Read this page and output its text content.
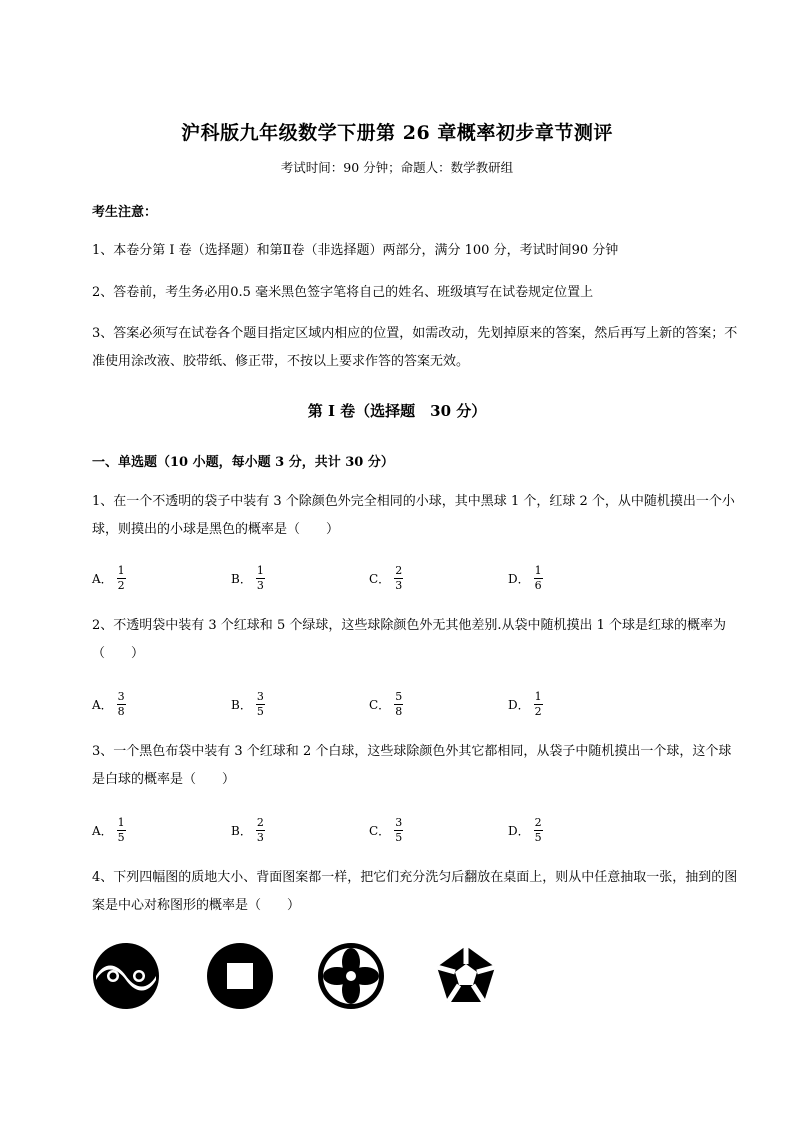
沪科版九年级数学下册第 26 章概率初步章节测评
考试时间：90 分钟；命题人：数学教研组
考生注意：
1、本卷分第 I 卷（选择题）和第Ⅱ卷（非选择题）两部分，满分 100 分，考试时间90 分钟
2、答卷前，考生务必用0.5 毫米黑色签字笔将自己的姓名、班级填写在试卷规定位置上
3、答案必须写在试卷各个题目指定区域内相应的位置，如需改动，先划掉原来的答案，然后再写上新的答案；不准使用涂改液、胶带纸、修正带，不按以上要求作答的答案无效。
第 I 卷（选择题　30 分）
一、单选题（10 小题，每小题 3 分，共计 30 分）
1、在一个不透明的袋子中装有 3 个除颜色外完全相同的小球，其中黑球 1 个，红球 2 个，从中随机摸出一个小球，则摸出的小球是黑色的概率是（　　）
A． $\frac{1}{2}$	B． $\frac{1}{3}$	C． $\frac{2}{3}$	D． $\frac{1}{6}$
2、不透明袋中装有 3 个红球和 5 个绿球，这些球除颜色外无其他差别.从袋中随机摸出 1 个球是红球的概率为（　　）
A． $\frac{3}{8}$	B． $\frac{3}{5}$	C． $\frac{5}{8}$	D． $\frac{1}{2}$
3、一个黑色布袋中装有 3 个红球和 2 个白球，这些球除颜色外其它都相同，从袋子中随机摸出一个球，这个球是白球的概率是（　　）
A． $\frac{1}{5}$	B． $\frac{2}{3}$	C． $\frac{3}{5}$	D． $\frac{2}{5}$
4、下列四幅图的质地大小、背面图案都一样，把它们充分洗匀后翻放在桌面上，则从中任意抽取一张，抽到的图案是中心对称图形的概率是（　　）
